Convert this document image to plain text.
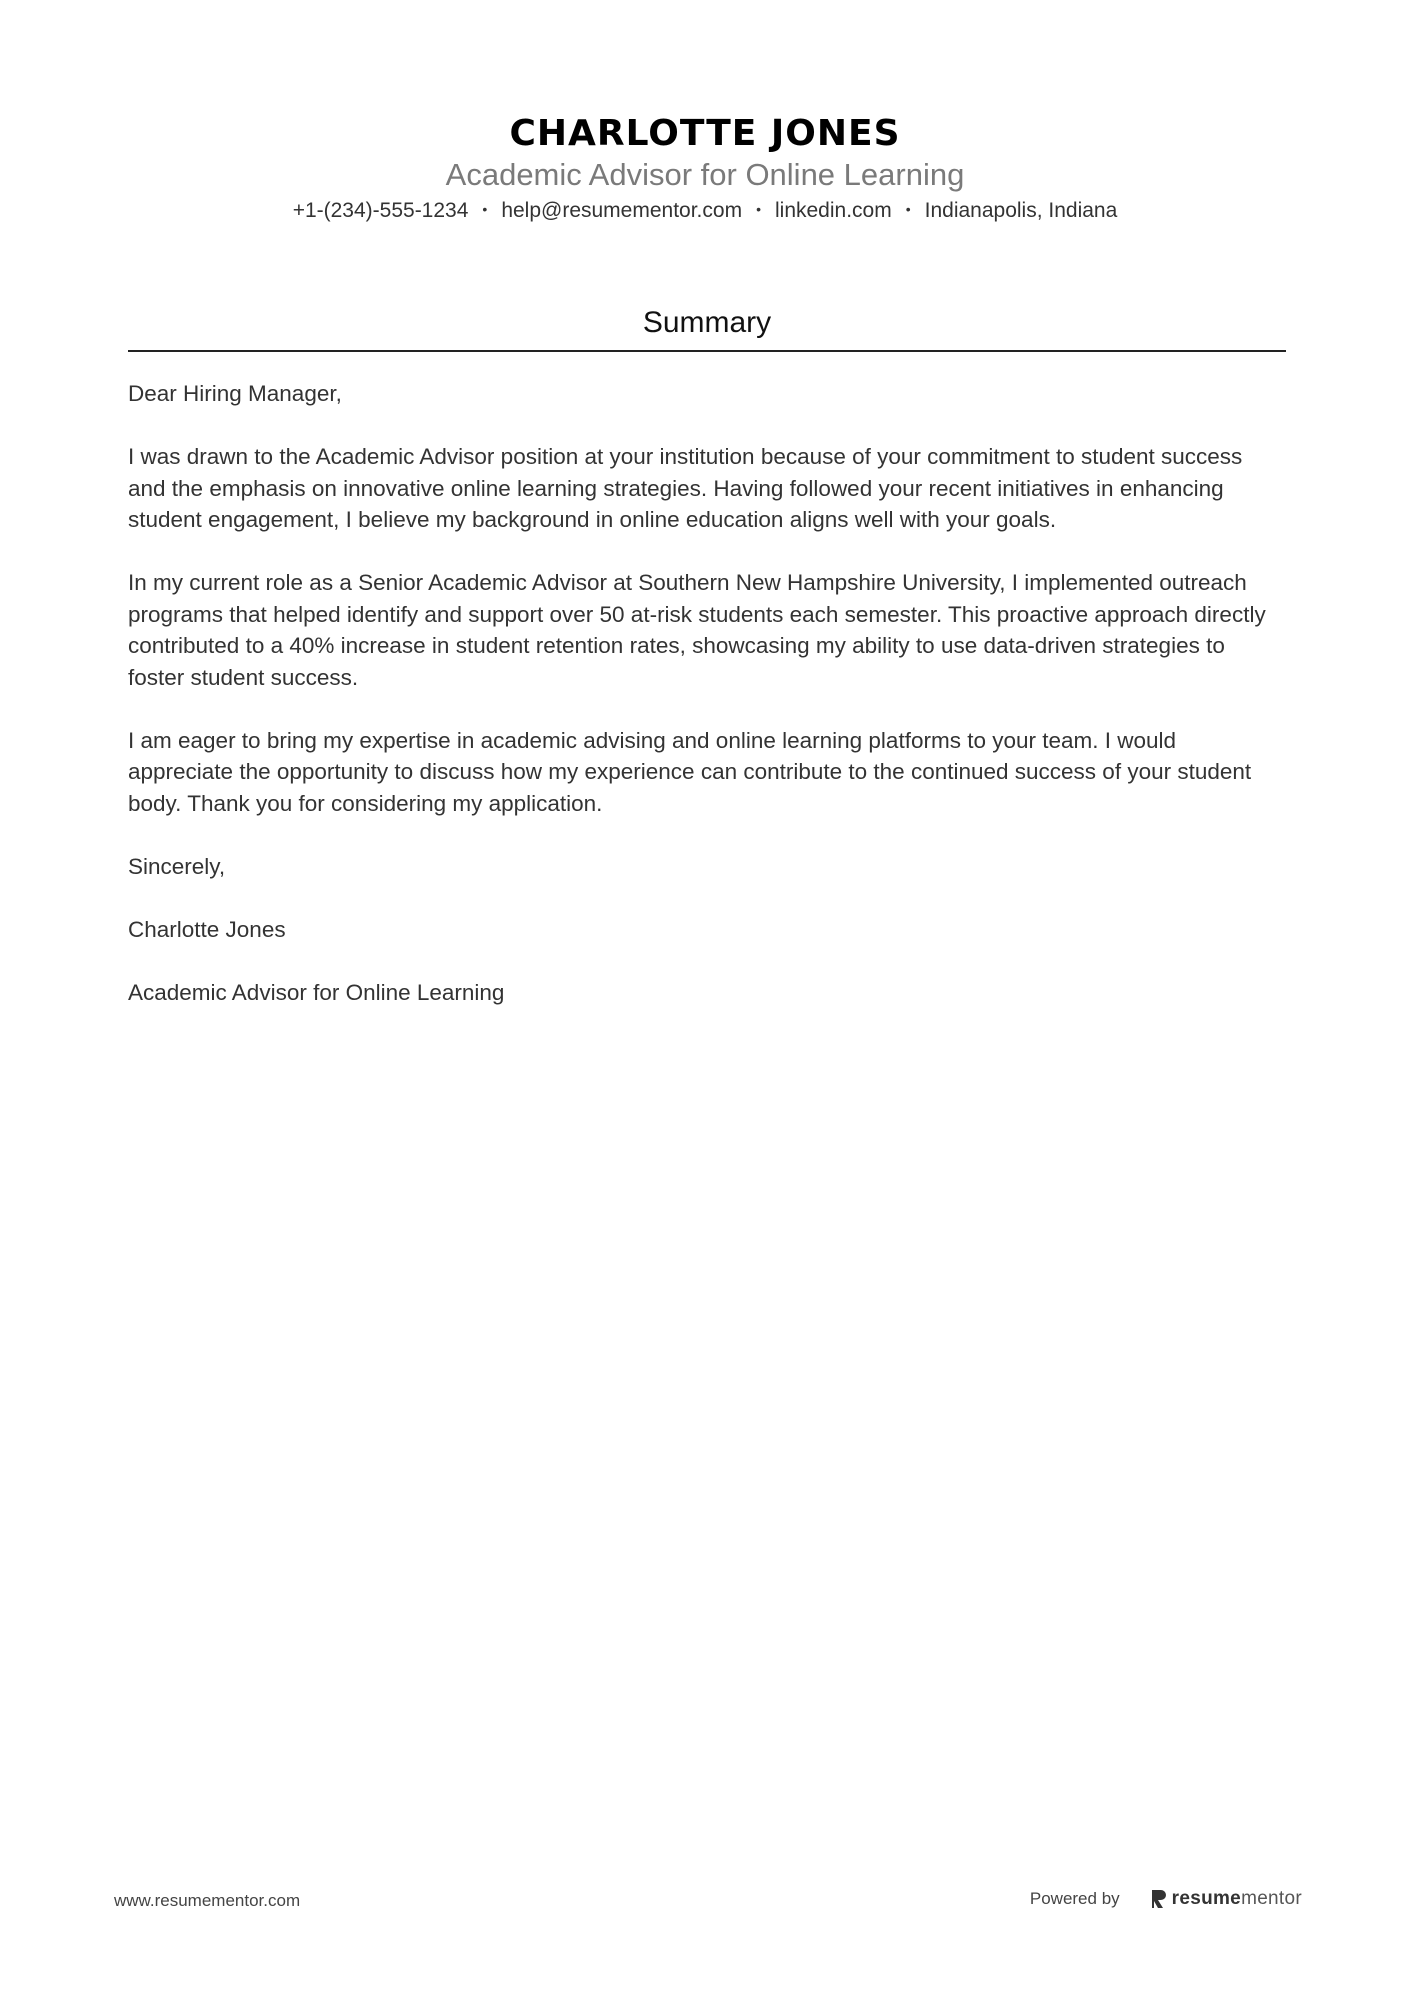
CHARLOTTE JONES
Academic Advisor for Online Learning
+1-(234)-555-1234 • help@resumementor.com • linkedin.com • Indianapolis, Indiana
Summary

Dear Hiring Manager,

I was drawn to the Academic Advisor position at your institution because of your commitment to student success and the emphasis on innovative online learning strategies. Having followed your recent initiatives in enhancing student engagement, I believe my background in online education aligns well with your goals.

In my current role as a Senior Academic Advisor at Southern New Hampshire University, I implemented outreach programs that helped identify and support over 50 at-risk students each semester. This proactive approach directly contributed to a 40% increase in student retention rates, showcasing my ability to use data-driven strategies to foster student success.

I am eager to bring my expertise in academic advising and online learning platforms to your team. I would appreciate the opportunity to discuss how my experience can contribute to the continued success of your student body. Thank you for considering my application.

Sincerely,

Charlotte Jones

Academic Advisor for Online Learning

www.resumementor.com	Powered by	resumementor
